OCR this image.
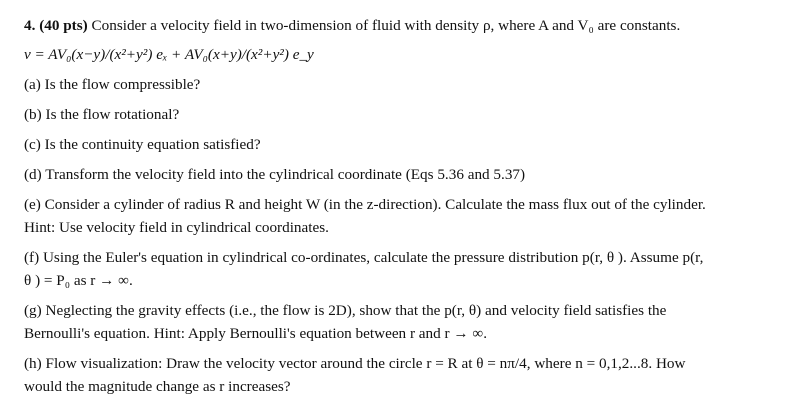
4. (40 pts) Consider a velocity field in two-dimension of fluid with density ρ, where A and V₀ are constants.
v = AV₀(x−y)/(x²+y²) eₓ + AV₀(x+y)/(x²+y²) e_y
(a) Is the flow compressible?
(b) Is the flow rotational?
(c) Is the continuity equation satisfied?
(d) Transform the velocity field into the cylindrical coordinate (Eqs 5.36 and 5.37)
(e) Consider a cylinder of radius R and height W (in the z-direction). Calculate the mass flux out of the cylinder.
Hint: Use velocity field in cylindrical coordinates.
(f) Using the Euler's equation in cylindrical co-ordinates, calculate the pressure distribution p(r, θ ). Assume p(r,
θ ) = P₀ as r → ∞.
(g) Neglecting the gravity effects (i.e., the flow is 2D), show that the p(r, θ) and velocity field satisfies the
Bernoulli's equation. Hint: Apply Bernoulli's equation between r and r → ∞.
(h) Flow visualization: Draw the velocity vector around the circle r = R at θ = nπ/4, where n = 0,1,2...8. How
would the magnitude change as r increases?
